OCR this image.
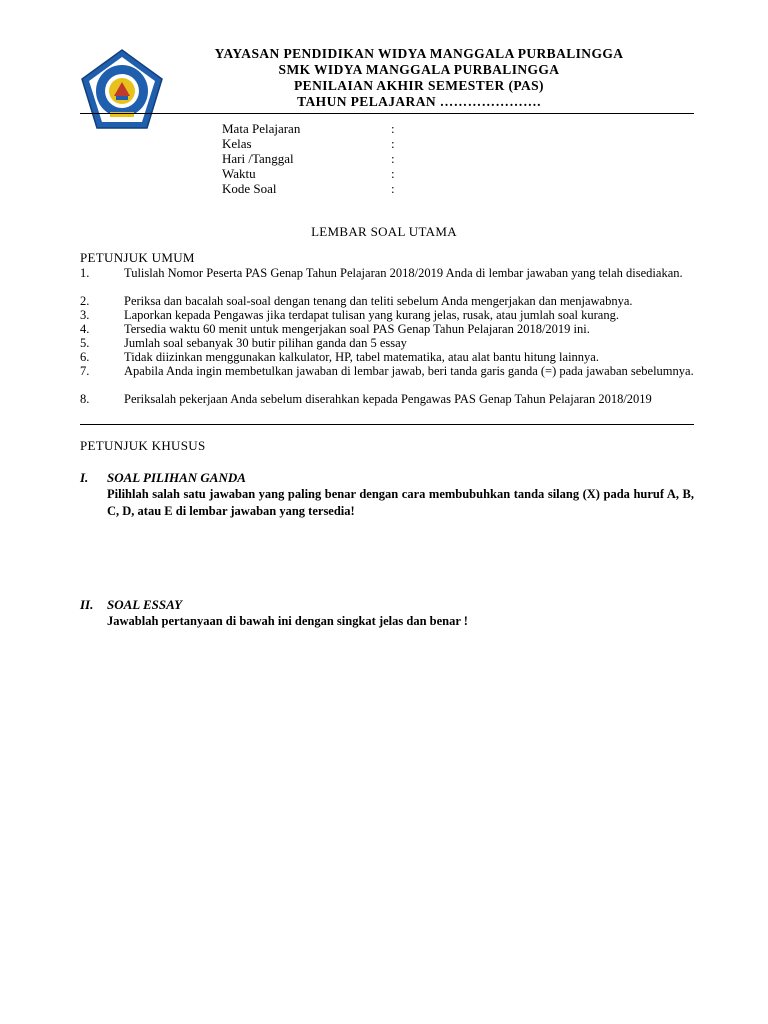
YAYASAN PENDIDIKAN WIDYA MANGGALA PURBALINGGA
SMK WIDYA MANGGALA PURBALINGGA
PENILAIAN AKHIR SEMESTER (PAS)
TAHUN PELAJARAN ………………….
Mata Pelajaran	:
Kelas	:
Hari /Tanggal	:
Waktu	:
Kode Soal	:
LEMBAR SOAL UTAMA
PETUNJUK UMUM
1.	Tulislah Nomor Peserta PAS Genap Tahun Pelajaran 2018/2019 Anda di lembar jawaban yang telah disediakan.
2.	Periksa dan bacalah soal-soal dengan tenang dan teliti sebelum Anda mengerjakan dan menjawabnya.
3.	Laporkan kepada Pengawas jika terdapat tulisan yang kurang jelas, rusak, atau jumlah soal kurang.
4.	Tersedia waktu 60 menit untuk mengerjakan soal PAS Genap Tahun Pelajaran 2018/2019 ini.
5.	Jumlah soal sebanyak 30 butir pilihan ganda dan 5 essay
6.	Tidak diizinkan menggunakan kalkulator, HP, tabel matematika, atau alat bantu hitung lainnya.
7.	Apabila Anda ingin membetulkan jawaban di lembar jawab, beri tanda garis ganda (=) pada jawaban sebelumnya.
8.	Periksalah pekerjaan Anda sebelum diserahkan kepada Pengawas PAS Genap Tahun Pelajaran 2018/2019
PETUNJUK KHUSUS
I. SOAL PILIHAN GANDA
Pilihlah salah satu jawaban yang paling benar dengan cara membubuhkan tanda silang (X) pada huruf A, B, C, D, atau E di lembar jawaban yang tersedia!
II. SOAL ESSAY
Jawablah pertanyaan di bawah ini dengan singkat jelas dan benar !
